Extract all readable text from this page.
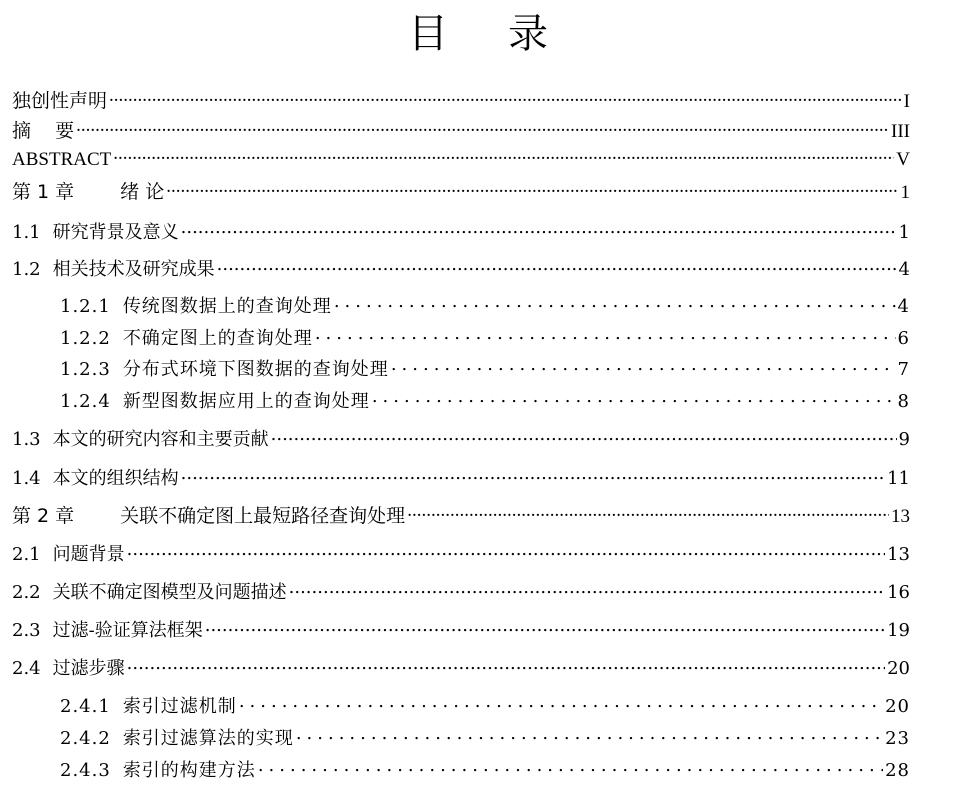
目录
独创性声明 .....	I
摘    要 .....	III
ABSTRACT .....	V
第 1 章 绪 论 .....	1
1.1 研究背景及意义 .....	1
1.2 相关技术及研究成果 .....	4
1.2.1 传统图数据上的查询处理 .....	4
1.2.2 不确定图上的查询处理 .....	6
1.2.3 分布式环境下图数据的查询处理 .....	7
1.2.4 新型图数据应用上的查询处理 .....	8
1.3 本文的研究内容和主要贡献 .....	9
1.4 本文的组织结构 .....	11
第 2 章 关联不确定图上最短路径查询处理 .....	13
2.1 问题背景 .....	13
2.2 关联不确定图模型及问题描述 .....	16
2.3 过滤-验证算法框架 .....	19
2.4 过滤步骤 .....	20
2.4.1 索引过滤机制 .....	20
2.4.2 索引过滤算法的实现 .....	23
2.4.3 索引的构建方法 .....	28
